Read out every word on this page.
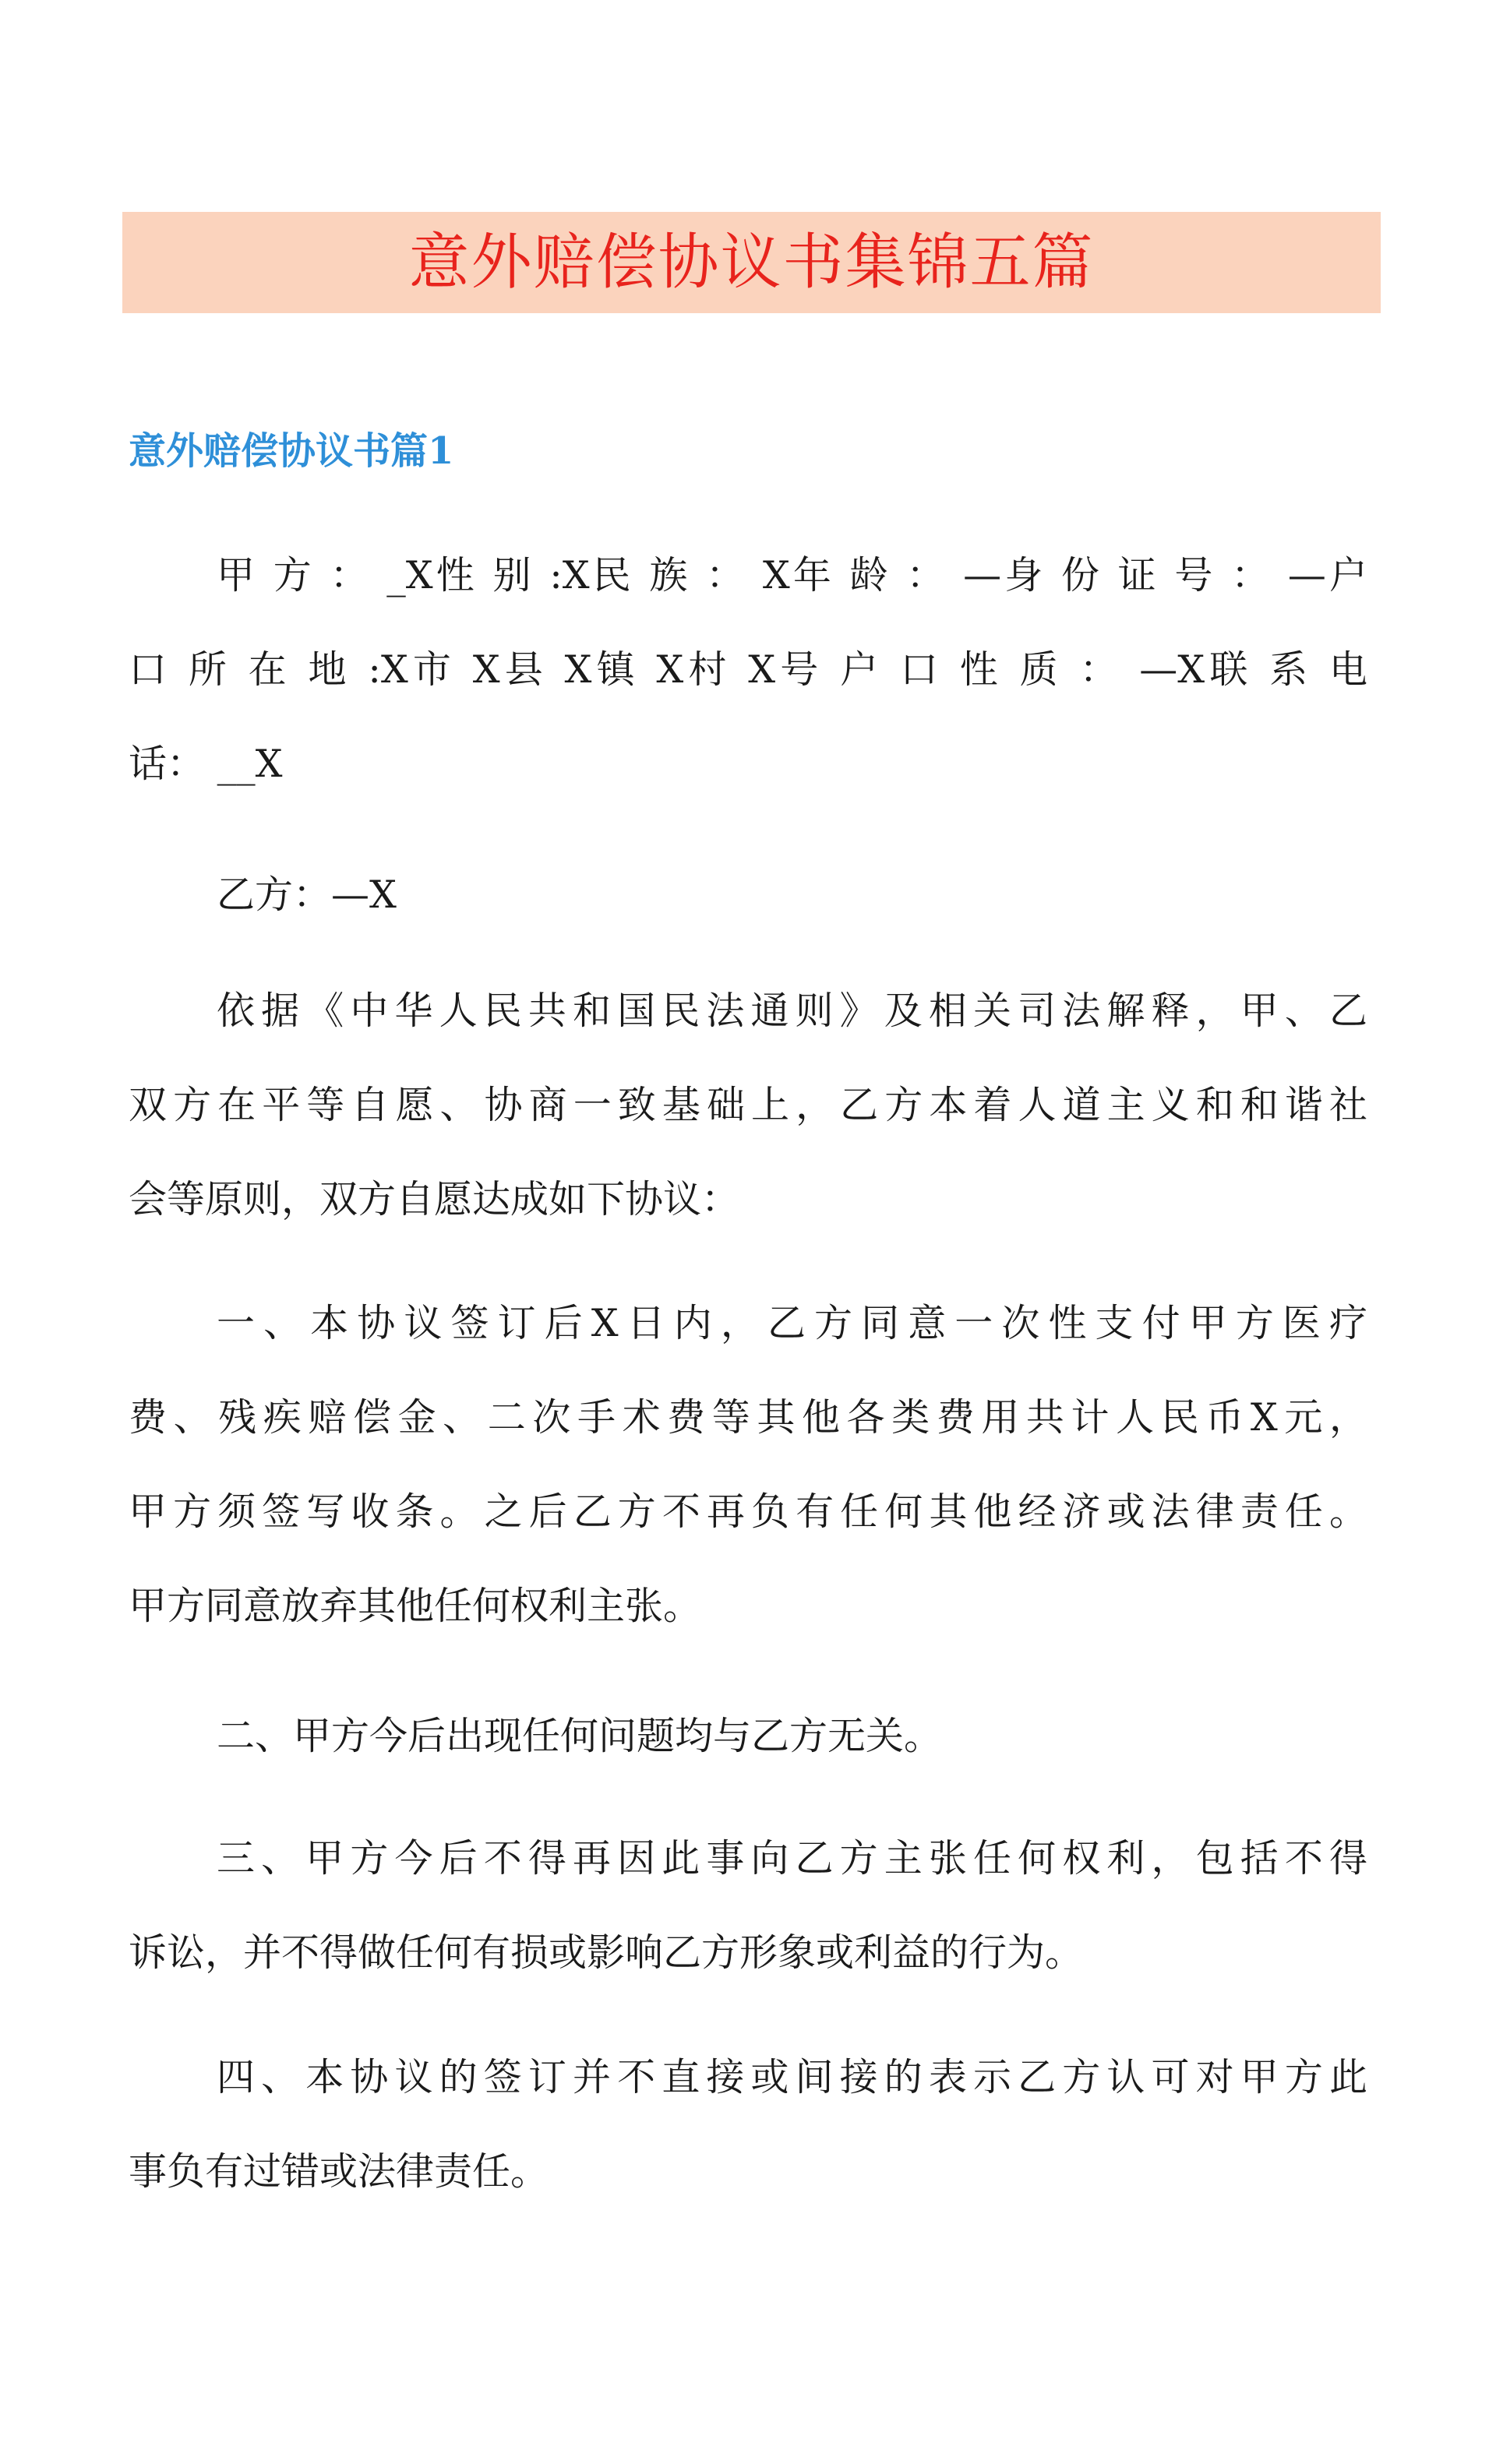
意外赔偿协议书集锦五篇
意外赔偿协议书篇1
甲 方 ： _X性 别 :X民 族 ： X年 龄 ： —身 份 证 号 ： —户
口 所 在 地 :X市 X县 X镇 X村 X号 户 口 性 质 ： —X联 系 电
话： __X
乙方：—X
依据《中华人民共和国民法通则》及相关司法解释，甲、乙
双方在平等自愿、协商一致基础上，乙方本着人道主义和和谐社
会等原则，双方自愿达成如下协议：
一、本协议签订后X日内，乙方同意一次性支付甲方医疗
费、残疾赔偿金、二次手术费等其他各类费用共计人民币X元，
甲方须签写收条。之后乙方不再负有任何其他经济或法律责任。
甲方同意放弃其他任何权利主张。
二、甲方今后出现任何问题均与乙方无关。
三、甲方今后不得再因此事向乙方主张任何权利，包括不得
诉讼，并不得做任何有损或影响乙方形象或利益的行为。
四、本协议的签订并不直接或间接的表示乙方认可对甲方此
事负有过错或法律责任。
